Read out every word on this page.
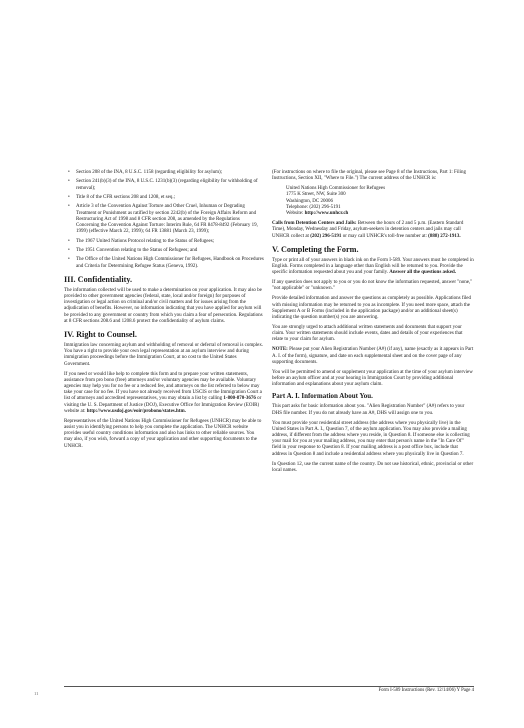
• Section 208 of the INA, 8 U.S.C. 1158 (regarding eligibility for asylum);
• Section 241(b)(3) of the INA, 8 U.S.C. 1231(b)(3) (regarding eligibility for withholding of removal);
• Title 8 of the CFR sections 208 and 1208, et seq.;
• Article 3 of the Convention Against Torture and Other Cruel, Inhuman or Degrading Treatment or Punishment as ratified by section 2242(b) of the Foreign Affairs Reform and Restructuring Act of 1998 and 8 CFR section 208, as amended by the Regulations Concerning the Convention Against Torture: Interim Rule, 64 FR 8478-8492 (February 19, 1999) (effective March 22, 1999); 64 FR 13881 (March 23, 1999);
• The 1967 United Nations Protocol relating to the Status of Refugees;
• The 1951 Convention relating to the Status of Refugees; and
• The Office of the United Nations High Commissioner for Refugees, Handbook on Procedures and Criteria for Determining Refugee Status (Geneva, 1992).
III. Confidentiality.

The information collected will be used to make a determination on your application. It may also be provided to other government agencies (federal, state, local and/or foreign) for purposes of investigation or legal action on criminal and/or civil matters and for issues arising from the adjudication of benefits. However, no information indicating that you have applied for asylum will be provided to any government or country from which you claim a fear of persecution. Regulations at 8 CFR sections 208.6 and 1208.6 protect the confidentiality of asylum claims.

IV. Right to Counsel.

Immigration law concerning asylum and withholding of removal or deferral of removal is complex. You have a right to provide your own legal representation at an asylum interview and during immigration proceedings before the Immigration Court, at no cost to the United States Government.

If you need or would like help to complete this form and to prepare your written statements, assistance from pro bono (free) attorneys and/or voluntary agencies may be available. Voluntary agencies may help you for no fee or a reduced fee, and attorneys on the list referred to below may take your case for no fee. If you have not already received from USCIS or the Immigration Court a list of attorneys and accredited representatives, you may obtain a list by calling 1-800-870-3676 or visiting the U. S. Department of Justice (DOJ), Executive Office for Immigration Review (EOIR) website at: http://www.usdoj.gov/eoir/probono/states.htm.

Representatives of the United Nations High Commissioner for Refugees (UNHCR) may be able to assist you in identifying persons to help you complete the application. The UNHCR website provides useful country conditions information and also has links to other reliable sources. You may also, if you wish, forward a copy of your application and other supporting documents to the UNHCR.

(For instructions on where to file the original, please see Page 8 of the Instructions, Part 1: Filing Instructions, Section XII, "Where to File.") The current address of the UNHCR is:

United Nations High Commissioner for Refugees
1775 K Street, NW, Suite 300
Washington, DC 20006
Telephone: (202) 296-5191
Website: http://www.unhcr.ch

Calls from Detention Centers and Jails: Between the hours of 2 and 5 p.m. (Eastern Standard Time), Monday, Wednesday and Friday, asylum-seekers in detention centers and jails may call UNHCR collect at (202) 296-5191 or may call UNHCR's toll-free number at: (888) 272-1913.

V. Completing the Form.

Type or print all of your answers in black ink on the Form I-589. Your answers must be completed in English. Forms completed in a language other than English will be returned to you. Provide the specific information requested about you and your family. Answer all the questions asked.

If any question does not apply to you or you do not know the information requested, answer "none," "not applicable" or "unknown."

Provide detailed information and answer the questions as completely as possible. Applications filed with missing information may be returned to you as incomplete. If you need more space, attach the Supplement A or B Forms (included in the application package) and/or an additional sheet(s) indicating the question number(s) you are answering.

You are strongly urged to attach additional written statements and documents that support your claim. Your written statements should include events, dates and details of your experiences that relate to your claim for asylum.

NOTE: Please put your Alien Registration Number (A#) (if any), name (exactly as it appears in Part A. I. of the form), signature, and date on each supplemental sheet and on the cover page of any supporting documents.

You will be permitted to amend or supplement your application at the time of your asylum interview before an asylum officer and at your hearing in Immigration Court by providing additional information and explanations about your asylum claim.

Part A. I. Information About You.

This part asks for basic information about you. "Alien Registration Number" (A#) refers to your DHS file number. If you do not already have an A#, DHS will assign one to you.

You must provide your residential street address (the address where you physically live) in the United States in Part A. I., Question 7, of the asylum application. You may also provide a mailing address, if different from the address where you reside, in Question 8. If someone else is collecting your mail for you at your mailing address, you may enter that person's name in the "In Care Of" field in your response to Question 8. If your mailing address is a post office box, include that address in Question 8 and include a residential address where you physically live in Question 7.

In Question 12, use the current name of the country. Do not use historical, ethnic, provincial or other local names.

11
Form I-589 Instructions (Rev. 12/14/06) Y Page 4
